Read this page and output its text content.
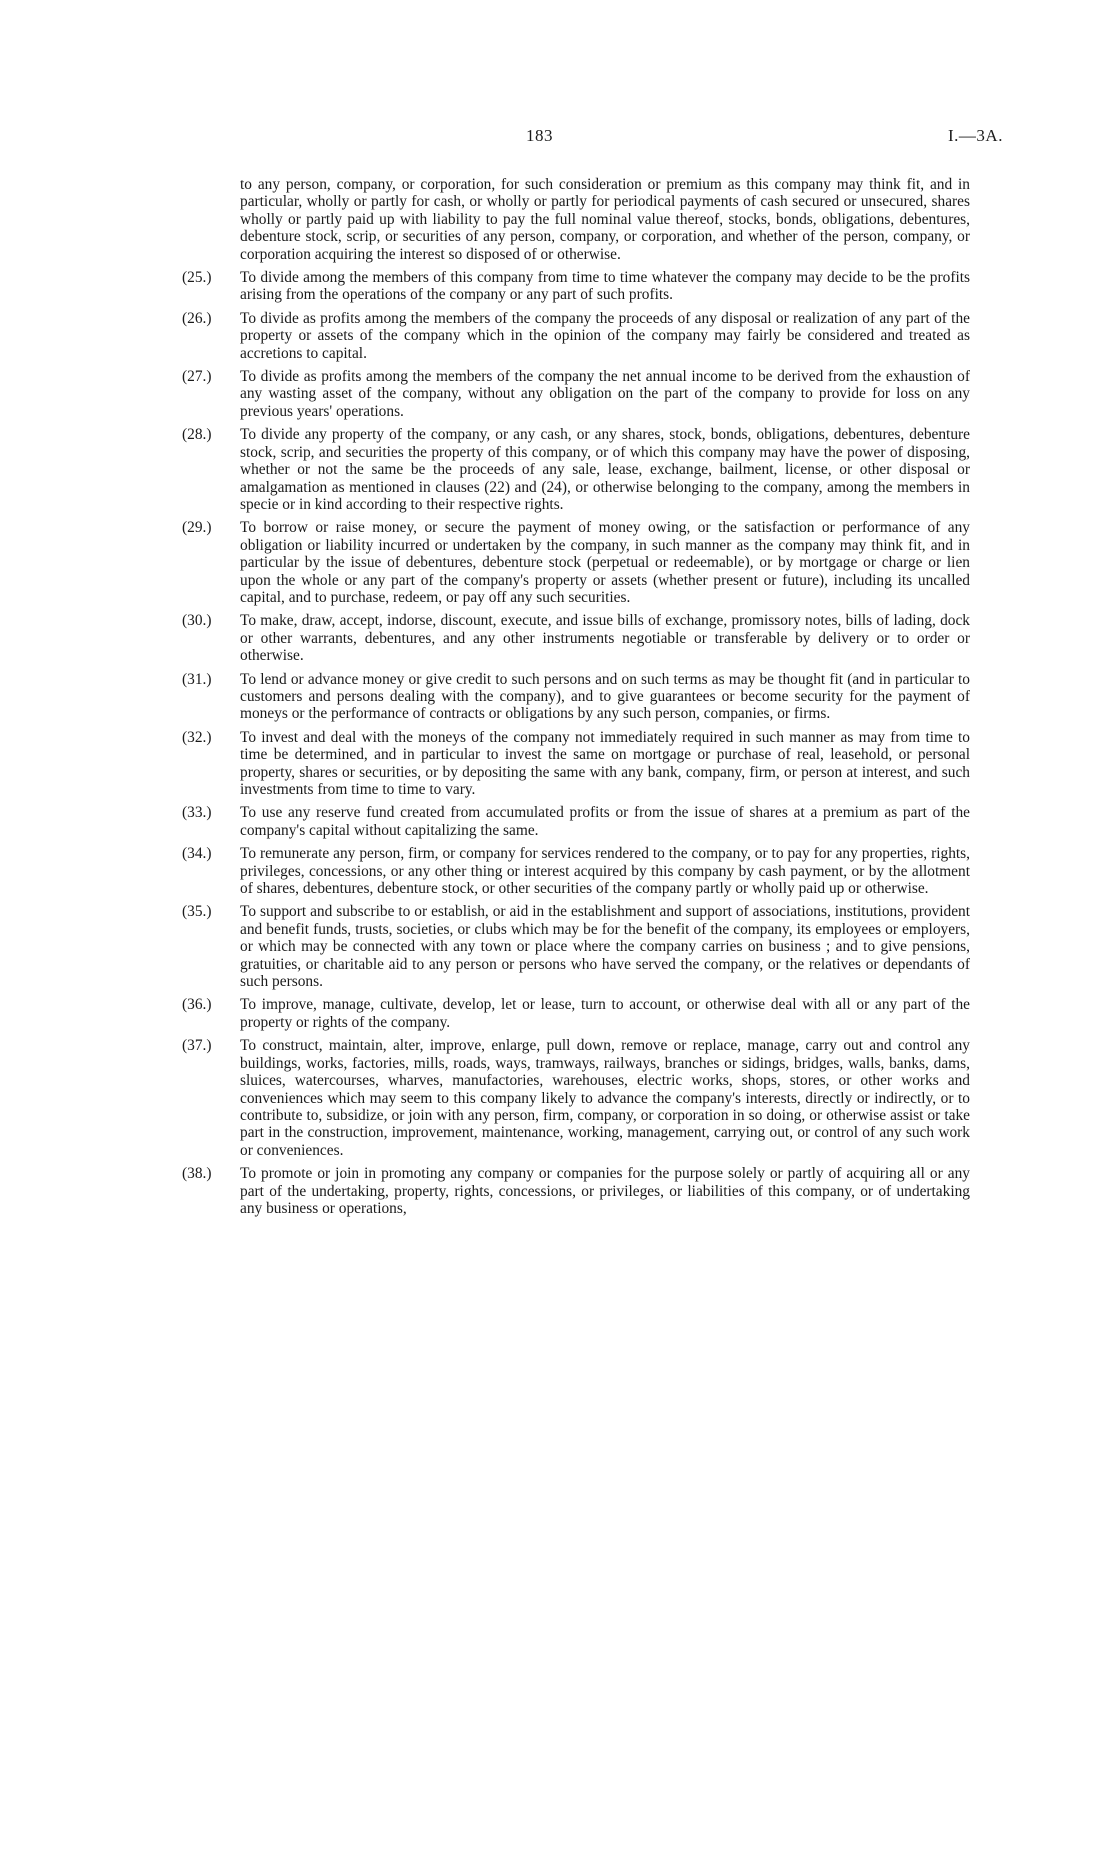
183	I.—3A.

to any person, company, or corporation, for such consideration or premium as this company may think fit, and in particular, wholly or partly for cash, or wholly or partly for periodical payments of cash secured or unsecured, shares wholly or partly paid up with liability to pay the full nominal value thereof, stocks, bonds, obligations, debentures, debenture stock, scrip, or securities of any person, company, or corporation, and whether of the person, company, or corporation acquiring the interest so disposed of or otherwise.

(25.)	To divide among the members of this company from time to time whatever the company may decide to be the profits arising from the operations of the company or any part of such profits.
(26.)	To divide as profits among the members of the company the proceeds of any disposal or realization of any part of the property or assets of the company which in the opinion of the company may fairly be considered and treated as accretions to capital.
(27.)	To divide as profits among the members of the company the net annual income to be derived from the exhaustion of any wasting asset of the company, without any obligation on the part of the company to provide for loss on any previous years' operations.
(28.)	To divide any property of the company, or any cash, or any shares, stock, bonds, obligations, debentures, debenture stock, scrip, and securities the property of this company, or of which this company may have the power of disposing, whether or not the same be the proceeds of any sale, lease, exchange, bailment, license, or other disposal or amalgamation as mentioned in clauses (22) and (24), or otherwise belonging to the company, among the members in specie or in kind according to their respective rights.
(29.)	To borrow or raise money, or secure the payment of money owing, or the satisfaction or performance of any obligation or liability incurred or undertaken by the company, in such manner as the company may think fit, and in particular by the issue of debentures, debenture stock (perpetual or redeemable), or by mortgage or charge or lien upon the whole or any part of the company's property or assets (whether present or future), including its uncalled capital, and to purchase, redeem, or pay off any such securities.
(30.)	To make, draw, accept, indorse, discount, execute, and issue bills of exchange, promissory notes, bills of lading, dock or other warrants, debentures, and any other instruments negotiable or transferable by delivery or to order or otherwise.
(31.)	To lend or advance money or give credit to such persons and on such terms as may be thought fit (and in particular to customers and persons dealing with the company), and to give guarantees or become security for the payment of moneys or the performance of contracts or obligations by any such person, companies, or firms.
(32.)	To invest and deal with the moneys of the company not immediately required in such manner as may from time to time be determined, and in particular to invest the same on mortgage or purchase of real, leasehold, or personal property, shares or securities, or by depositing the same with any bank, company, firm, or person at interest, and such investments from time to time to vary.
(33.)	To use any reserve fund created from accumulated profits or from the issue of shares at a premium as part of the company's capital without capitalizing the same.
(34.)	To remunerate any person, firm, or company for services rendered to the company, or to pay for any properties, rights, privileges, concessions, or any other thing or interest acquired by this company by cash payment, or by the allotment of shares, debentures, debenture stock, or other securities of the company partly or wholly paid up or otherwise.
(35.)	To support and subscribe to or establish, or aid in the establishment and support of associations, institutions, provident and benefit funds, trusts, societies, or clubs which may be for the benefit of the company, its employees or employers, or which may be connected with any town or place where the company carries on business ; and to give pensions, gratuities, or charitable aid to any person or persons who have served the company, or the relatives or dependants of such persons.
(36.)	To improve, manage, cultivate, develop, let or lease, turn to account, or otherwise deal with all or any part of the property or rights of the company.
(37.)	To construct, maintain, alter, improve, enlarge, pull down, remove or replace, manage, carry out and control any buildings, works, factories, mills, roads, ways, tramways, railways, branches or sidings, bridges, walls, banks, dams, sluices, watercourses, wharves, manufactories, warehouses, electric works, shops, stores, or other works and conveniences which may seem to this company likely to advance the company's interests, directly or indirectly, or to contribute to, subsidize, or join with any person, firm, company, or corporation in so doing, or otherwise assist or take part in the construction, improvement, maintenance, working, management, carrying out, or control of any such work or conveniences.
(38.)	To promote or join in promoting any company or companies for the purpose solely or partly of acquiring all or any part of the undertaking, property, rights, concessions, or privileges, or liabilities of this company, or of undertaking any business or operations,
